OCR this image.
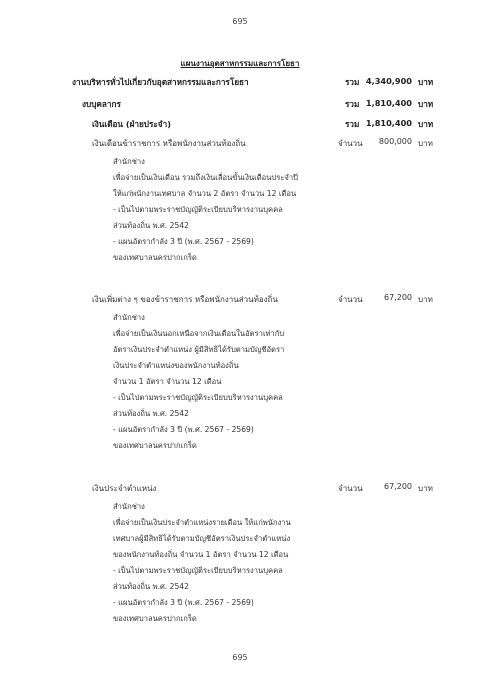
695
แผนงานอุตสาหกรรมและการโยธา
งานบริหารทั่วไปเกี่ยวกับอุตสาหกรรมและการโยธา	รวม 4,340,900 บาท
งบบุคลากร	รวม 1,810,400 บาท
เงินเดือน (ฝ่ายประจำ)	รวม 1,810,400 บาท
เงินเดือนข้าราชการ หรือพนักงานส่วนท้องถิ่น	จำนวน 800,000 บาท
สำนักช่าง
เพื่อจ่ายเป็นเงินเดือน รวมถึงเงินเลื่อนขั้นเงินเดือนประจำปี
ให้แก่พนักงานเทศบาล จำนวน 2 อัตรา จำนวน 12 เดือน
- เป็นไปตามพระราชบัญญัติระเบียบบริหารงานบุคคล
ส่วนท้องถิ่น พ.ศ. 2542
- แผนอัตรากำลัง 3 ปี (พ.ศ. 2567 - 2569)
ของเทศบาลนครปากเกร็ด
เงินเพิ่มต่าง ๆ ของข้าราชการ หรือพนักงานส่วนท้องถิ่น	จำนวน	67,200 บาท
สำนักช่าง
เพื่อจ่ายเป็นเงินนอกเหนือจากเงินเดือนในอัตราเท่ากับ
อัตราเงินประจำตำแหน่ง ผู้มีสิทธิได้รับตามบัญชีอัตรา
เงินประจำตำแหน่งของพนักงานท้องถิ่น
จำนวน 1 อัตรา จำนวน 12 เดือน
- เป็นไปตามพระราชบัญญัติระเบียบบริหารงานบุคคล
ส่วนท้องถิ่น พ.ศ. 2542
- แผนอัตรากำลัง 3 ปี (พ.ศ. 2567 - 2569)
ของเทศบาลนครปากเกร็ด
เงินประจำตำแหน่ง	จำนวน	67,200 บาท
สำนักช่าง
เพื่อจ่ายเป็นเงินประจำตำแหน่งรายเดือน ให้แก่พนักงาน
เทศบาลผู้มีสิทธิได้รับตามบัญชีอัตราเงินประจำตำแหน่ง
ของพนักงานท้องถิ่น จำนวน 1 อัตรา จำนวน 12 เดือน
- เป็นไปตามพระราชบัญญัติระเบียบบริหารงานบุคคล
ส่วนท้องถิ่น พ.ศ. 2542
- แผนอัตรากำลัง 3 ปี (พ.ศ. 2567 - 2569)
ของเทศบาลนครปากเกร็ด
695
